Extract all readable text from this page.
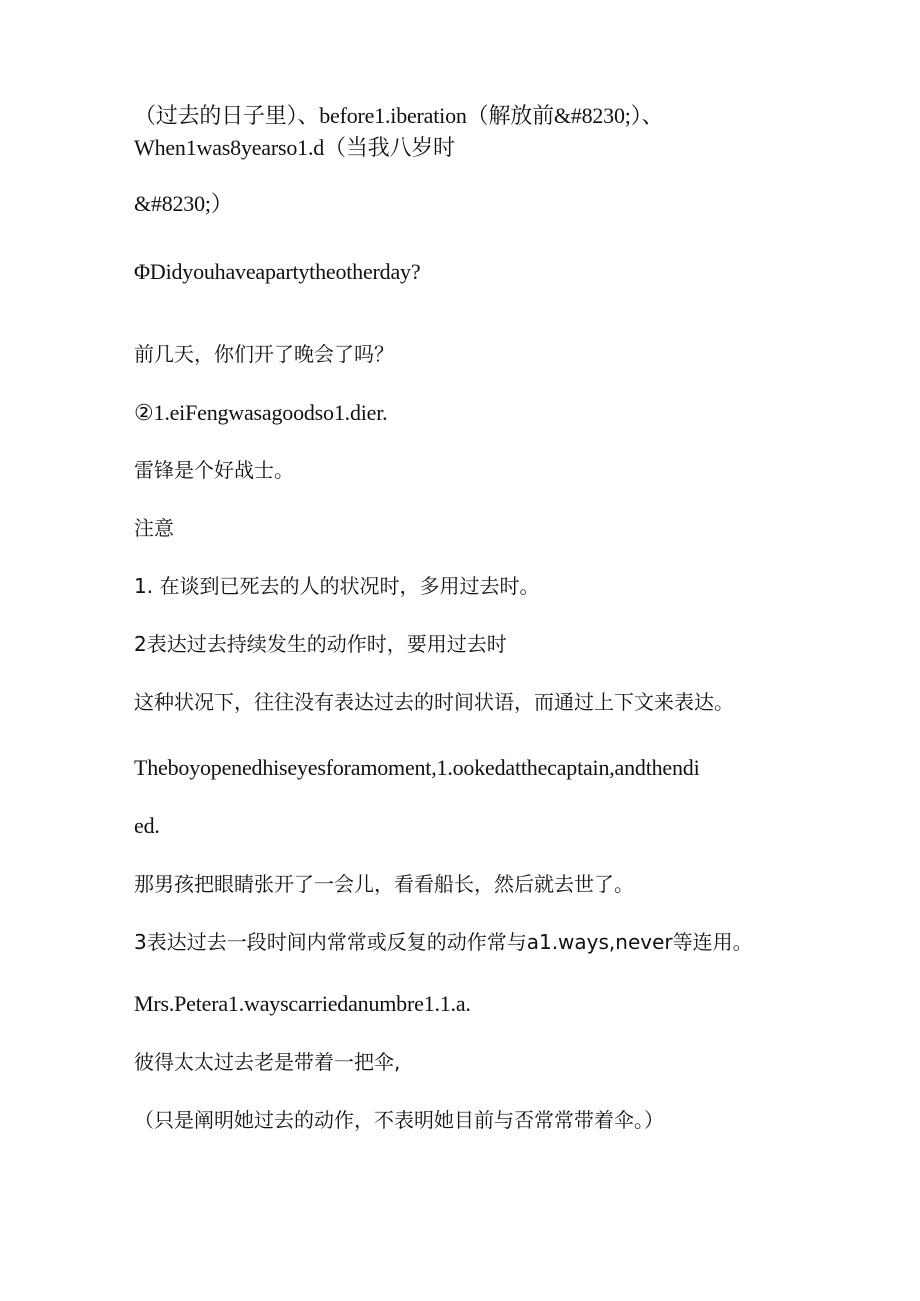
（过去的日子里）、before1.iberation（解放前&#8230;）、
When1was8yearso1.d（当我八岁时
&#8230;）
ΦDidyouhaveapartytheotherday?
前几天，你们开了晚会了吗？
②1.eiFengwasagoodso1.dier.
雷锋是个好战士。
注意
1. 在谈到已死去的人的状况时，多用过去时。
2表达过去持续发生的动作时，要用过去时
这种状况下，往往没有表达过去的时间状语，而通过上下文来表达。
Theboyopenedhiseyesforamoment,1.ookedatthecaptain,andthendi
ed.
那男孩把眼睛张开了一会儿，看看船长，然后就去世了。
3表达过去一段时间内常常或反复的动作常与a1.ways,never等连用。
Mrs.Petera1.wayscarriedanumbre1.1.a.
彼得太太过去老是带着一把伞,
（只是阐明她过去的动作，不表明她目前与否常常带着伞。）
